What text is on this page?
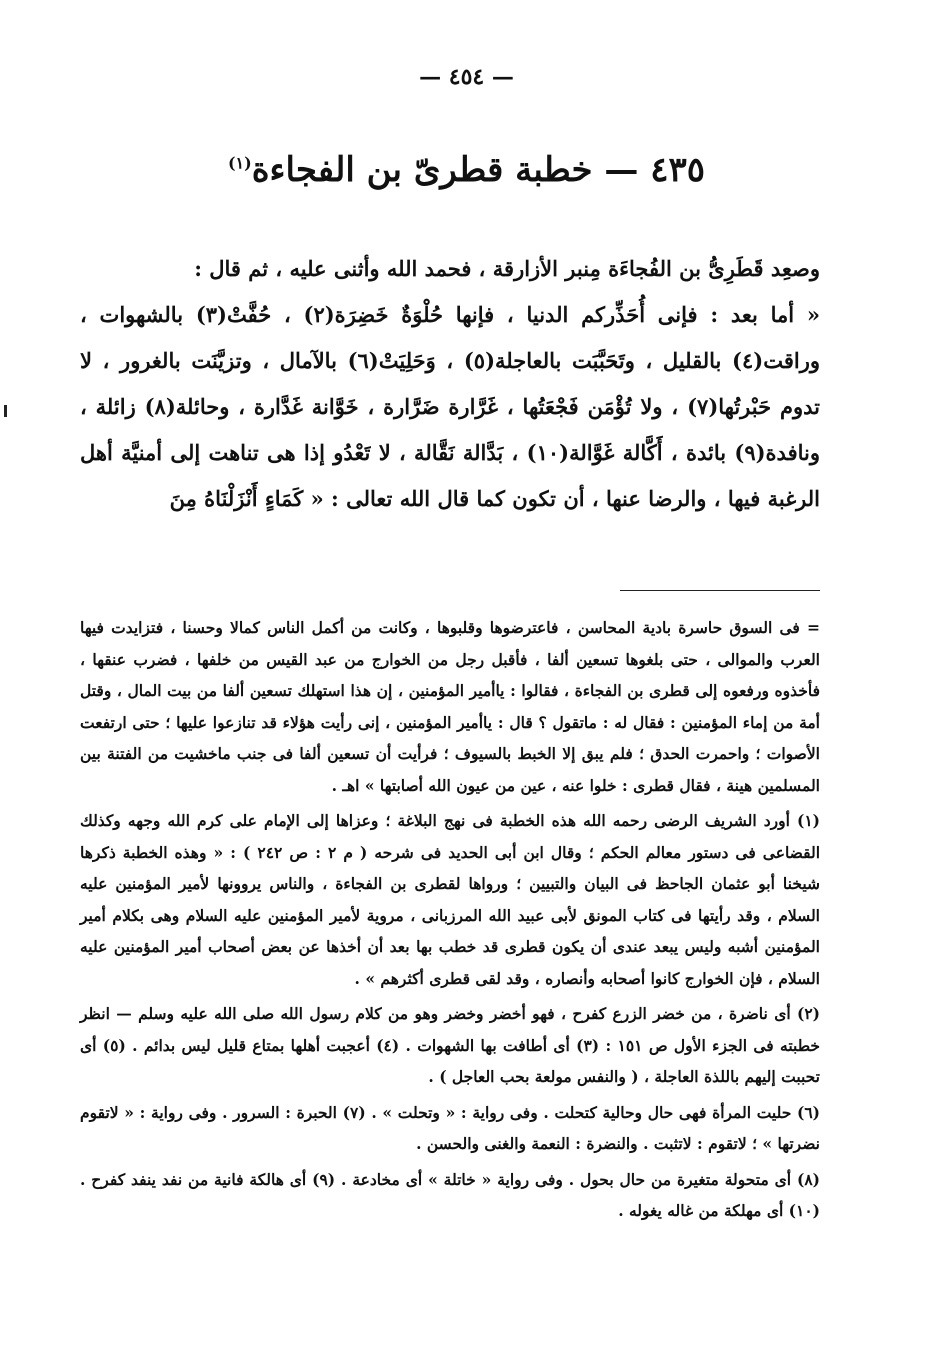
— ٤٥٤ —
٤٣٥ — خطبة قطرىّ بن الفجاءة$^{(١)}$

وصعِد قَطَرِىُّ بن الفُجاءَة مِنبر الأزارقة ، فحمد الله وأثنى عليه ، ثم قال :

« أما بعد : فإنى أُحَذِّركم الدنيا ، فإنها حُلْوَةٌ خَضِرَة(٢) ، حُفَّتْ(٣) بالشهوات ، وراقت(٤) بالقليل ، وتَحَبَّبَت بالعاجلة(٥) ، وَحَلِيَتْ(٦) بالآمال ، وتزيَّنَت بالغرور ، لا تدوم حَبْرتُها(٧) ، ولا تُؤْمَن فَجْعَتُها ، غَرَّارة ضَرَّارة ، خَوَّانة غَدَّارة ، وحائلة(٨) زائلة ، ونافدة(٩) بائدة ، أَكَّالة غَوَّالة(١٠) ، بَدَّالة نَقَّالة ، لا تَعْدُو إذا هى تناهت إلى أمنيَّة أهل الرغبة فيها ، والرضا عنها ، أن تكون كما قال الله تعالى : « كَمَاءٍ أَنْزَلْنَاهُ مِنَ

= فى السوق حاسرة بادية المحاسن ، فاعترضوها وقلبوها ، وكانت من أكمل الناس كمالا وحسنا ، فتزايدت فيها العرب والموالى ، حتى بلغوها تسعين ألفا ، فأقبل رجل من الخوارج من عبد القيس من خلفها ، فضرب عنقها ، فأخذوه ورفعوه إلى قطرى بن الفجاءة ، فقالوا : ياأمير المؤمنين ، إن هذا استهلك تسعين ألفا من بيت المال ، وقتل أمة من إماء المؤمنين : فقال له : ماتقول ؟ قال : ياأمير المؤمنين ، إنى رأيت هؤلاء قد تنازعوا عليها ؛ حتى ارتفعت الأصوات ؛ واحمرت الحدق ؛ فلم يبق إلا الخبط بالسيوف ؛ فرأيت أن تسعين ألفا فى جنب ماخشيت من الفتنة بين المسلمين هينة ، فقال قطرى : خلوا عنه ، عين من عيون الله أصابتها » اهـ .

(١) أورد الشريف الرضى رحمه الله هذه الخطبة فى نهج البلاغة ؛ وعزاها إلى الإمام على كرم الله وجهه وكذلك القضاعى فى دستور معالم الحكم ؛ وقال ابن أبى الحديد فى شرحه ( م ٢ : ص ٢٤٢ ) : « وهذه الخطبة ذكرها شيخنا أبو عثمان الجاحظ فى البيان والتبيين ؛ ورواها لقطرى بن الفجاءة ، والناس يروونها لأمير المؤمنين عليه السلام ، وقد رأيتها فى كتاب المونق لأبى عبيد الله المرزبانى ، مروية لأمير المؤمنين عليه السلام وهى بكلام أمير المؤمنين أشبه وليس يبعد عندى أن يكون قطرى قد خطب بها بعد أن أخذها عن بعض أصحاب أمير المؤمنين عليه السلام ، فإن الخوارج كانوا أصحابه وأنصاره ، وقد لقى قطرى أكثرهم » .

(٢) أى ناضرة ، من خضر الزرع كفرح ، فهو أخضر وخضر وهو من كلام رسول الله صلى الله عليه وسلم — انظر خطبته فى الجزء الأول ص ١٥١ : (٣) أى أطافت بها الشهوات . (٤) أعجبت أهلها بمتاع قليل ليس بدائم . (٥) أى تحببت إليهم باللذة العاجلة ، ( والنفس مولعة بحب العاجل ) .

(٦) حليت المرأة فهى حال وحالية كتحلت . وفى رواية : « وتحلت » . (٧) الحبرة : السرور . وفى رواية : « لاتقوم نضرتها » ؛ لاتقوم : لاتثبت . والنضرة : النعمة والغنى والحسن .

(٨) أى متحولة متغيرة من حال بحول . وفى رواية « خاتلة » أى مخادعة . (٩) أى هالكة فانية من نفد ينفد كفرح . (١٠) أى مهلكة من غاله يغوله .
